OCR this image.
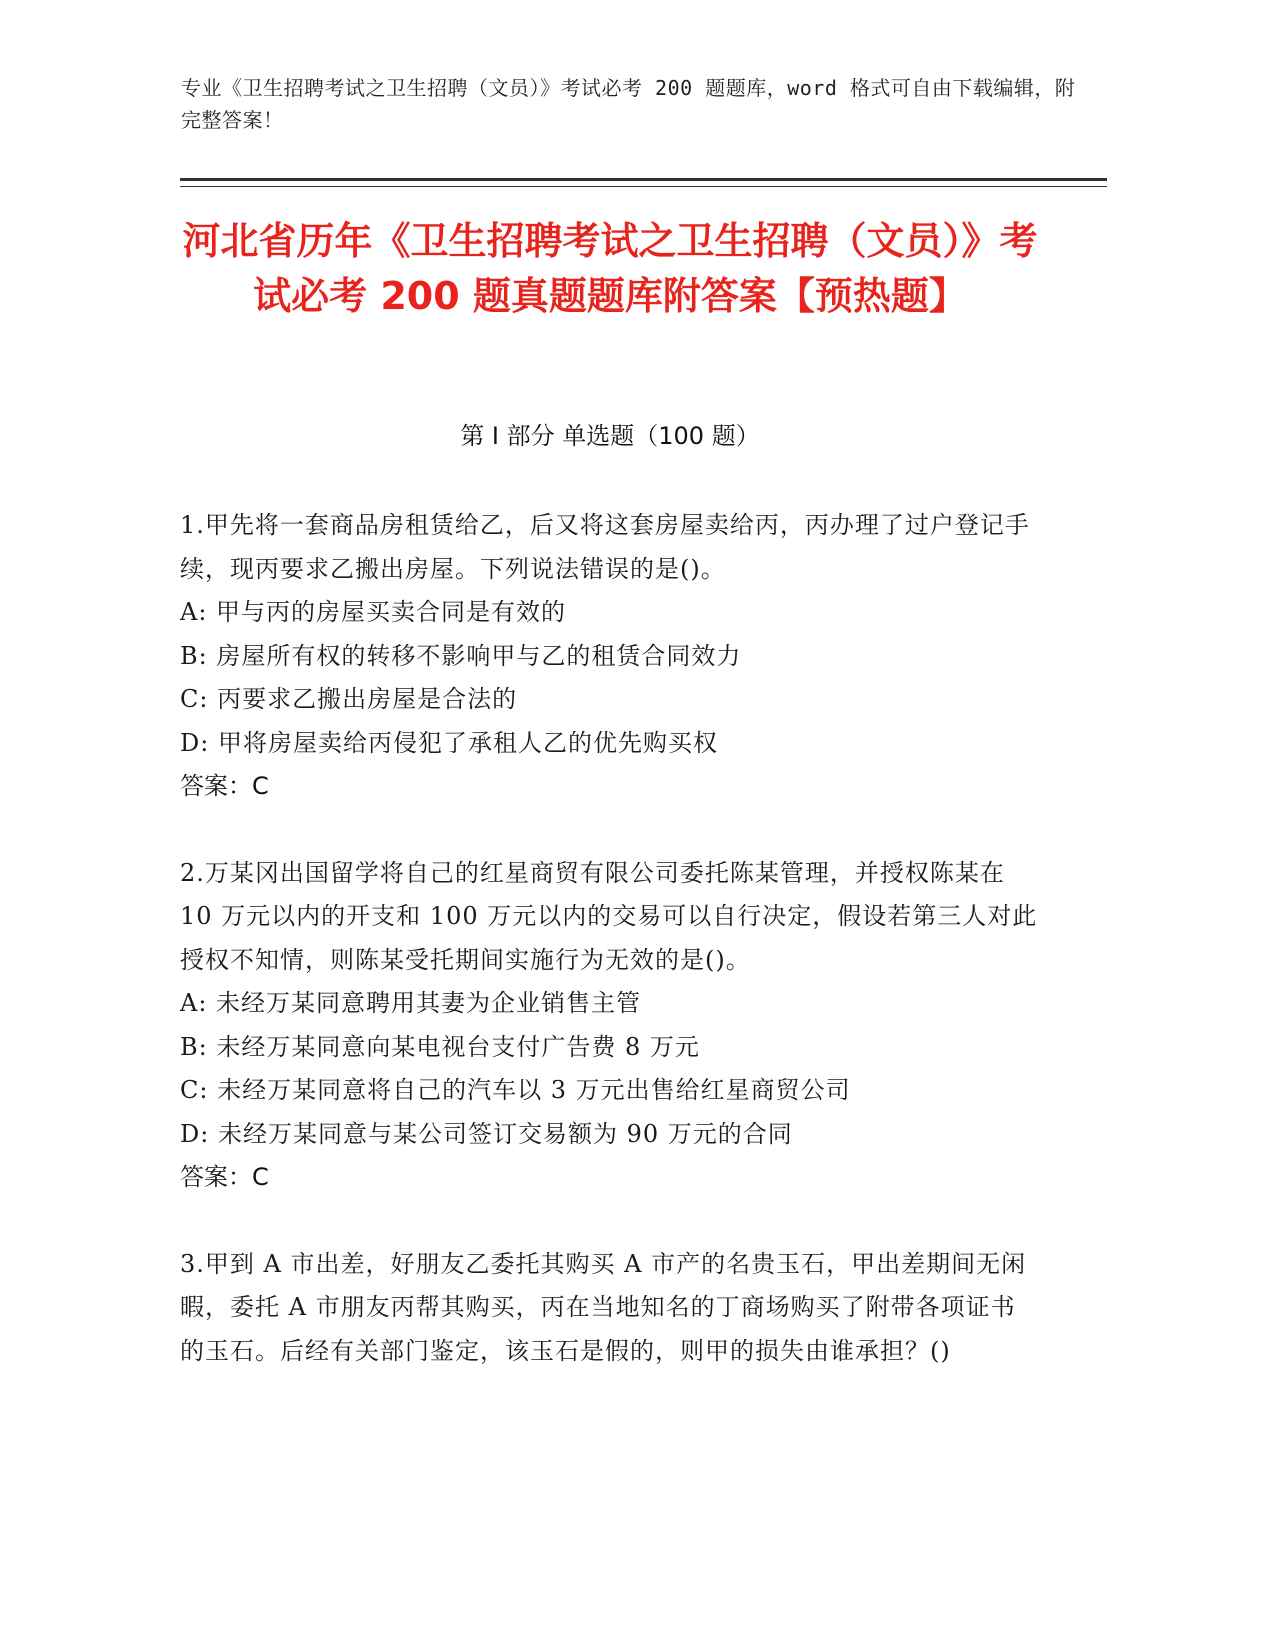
专业《卫生招聘考试之卫生招聘（文员）》考试必考 200 题题库，word 格式可自由下载编辑，附完整答案！
河北省历年《卫生招聘考试之卫生招聘（文员）》考试必考 200 题真题题库附答案【预热题】
第 I 部分 单选题（100 题）
1.甲先将一套商品房租赁给乙，后又将这套房屋卖给丙，丙办理了过户登记手续，现丙要求乙搬出房屋。下列说法错误的是()。
A: 甲与丙的房屋买卖合同是有效的
B: 房屋所有权的转移不影响甲与乙的租赁合同效力
C: 丙要求乙搬出房屋是合法的
D: 甲将房屋卖给丙侵犯了承租人乙的优先购买权
答案：C
2.万某冈出国留学将自己的红星商贸有限公司委托陈某管理，并授权陈某在 10 万元以内的开支和 100 万元以内的交易可以自行决定，假设若第三人对此授权不知情，则陈某受托期间实施行为无效的是()。
A: 未经万某同意聘用其妻为企业销售主管
B: 未经万某同意向某电视台支付广告费 8 万元
C: 未经万某同意将自己的汽车以 3 万元出售给红星商贸公司
D: 未经万某同意与某公司签订交易额为 90 万元的合同
答案：C
3.甲到 A 市出差，好朋友乙委托其购买 A 市产的名贵玉石，甲出差期间无闲暇，委托 A 市朋友丙帮其购买，丙在当地知名的丁商场购买了附带各项证书的玉石。后经有关部门鉴定，该玉石是假的，则甲的损失由谁承担？()
